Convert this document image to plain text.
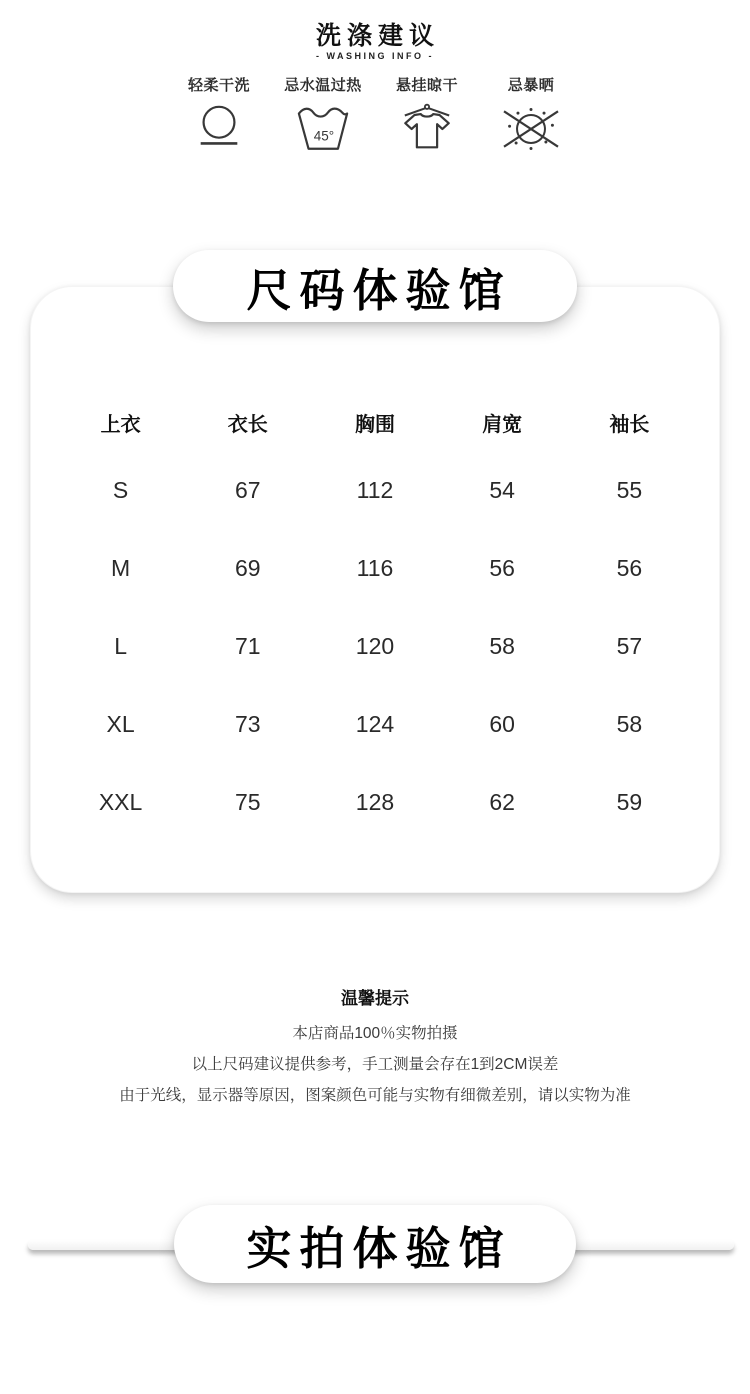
洗涤建议
- WASHING INFO -
轻柔干洗	忌水温过热
45°
悬挂晾干	忌暴晒
尺码体验馆
上衣	衣长	胸围	肩宽	袖长
S	67	112	54	55
M	69	116	56	56
L	71	120	58	57
XL	73	124	60	58
XXL	75	128	62	59
温馨提示
本店商品100％实物拍摄
以上尺码建议提供参考，手工测量会存在1到2CM误差
由于光线，显示器等原因，图案颜色可能与实物有细微差别，请以实物为准
实拍体验馆
